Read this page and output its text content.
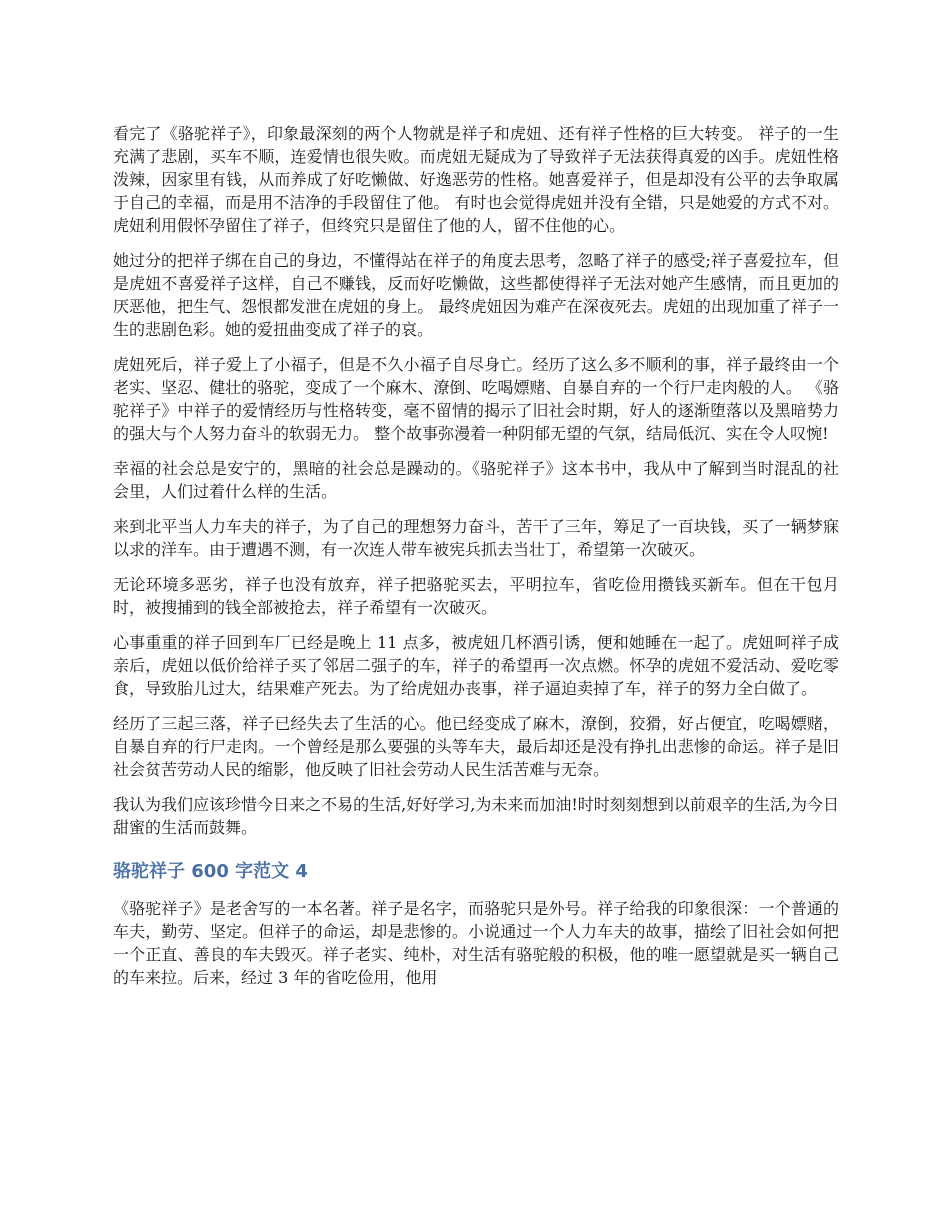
看完了《骆驼祥子》，印象最深刻的两个人物就是祥子和虎妞、还有祥子性格的巨大转变。 祥子的一生充满了悲剧，买车不顺，连爱情也很失败。而虎妞无疑成为了导致祥子无法获得真爱的凶手。虎妞性格泼辣，因家里有钱，从而养成了好吃懒做、好逸恶劳的性格。她喜爱祥子，但是却没有公平的去争取属于自己的幸福，而是用不洁净的手段留住了他。 有时也会觉得虎妞并没有全错，只是她爱的方式不对。虎妞利用假怀孕留住了祥子，但终究只是留住了他的人，留不住他的心。

她过分的把祥子绑在自己的身边，不懂得站在祥子的角度去思考，忽略了祥子的感受;祥子喜爱拉车，但是虎妞不喜爱祥子这样，自己不赚钱，反而好吃懒做，这些都使得祥子无法对她产生感情，而且更加的厌恶他，把生气、怨恨都发泄在虎妞的身上。 最终虎妞因为难产在深夜死去。虎妞的出现加重了祥子一生的悲剧色彩。她的爱扭曲变成了祥子的哀。

虎妞死后，祥子爱上了小福子，但是不久小福子自尽身亡。经历了这么多不顺利的事，祥子最终由一个老实、坚忍、健壮的骆驼，变成了一个麻木、潦倒、吃喝嫖赌、自暴自弃的一个行尸走肉般的人。 《骆驼祥子》中祥子的爱情经历与性格转变，毫不留情的揭示了旧社会时期，好人的逐渐堕落以及黑暗势力的强大与个人努力奋斗的软弱无力。 整个故事弥漫着一种阴郁无望的气氛，结局低沉、实在令人叹惋!

幸福的社会总是安宁的，黑暗的社会总是躁动的。《骆驼祥子》这本书中，我从中了解到当时混乱的社会里，人们过着什么样的生活。

来到北平当人力车夫的祥子，为了自己的理想努力奋斗，苦干了三年，筹足了一百块钱，买了一辆梦寐以求的洋车。由于遭遇不测，有一次连人带车被宪兵抓去当壮丁，希望第一次破灭。

无论环境多恶劣，祥子也没有放弃，祥子把骆驼买去，平明拉车，省吃俭用攒钱买新车。但在干包月时，被搜捕到的钱全部被抢去，祥子希望有一次破灭。

心事重重的祥子回到车厂已经是晚上 11 点多，被虎妞几杯酒引诱，便和她睡在一起了。虎妞呵祥子成亲后，虎妞以低价给祥子买了邻居二强子的车，祥子的希望再一次点燃。怀孕的虎妞不爱活动、爱吃零食，导致胎儿过大，结果难产死去。为了给虎妞办丧事，祥子逼迫卖掉了车，祥子的努力全白做了。

经历了三起三落，祥子已经失去了生活的心。他已经变成了麻木，潦倒，狡猾，好占便宜，吃喝嫖赌，自暴自弃的行尸走肉。一个曾经是那么要强的头等车夫，最后却还是没有挣扎出悲惨的命运。祥子是旧社会贫苦劳动人民的缩影，他反映了旧社会劳动人民生活苦难与无奈。

我认为我们应该珍惜今日来之不易的生活,好好学习,为未来而加油!时时刻刻想到以前艰辛的生活,为今日甜蜜的生活而鼓舞。

骆驼祥子 600 字范文 4

《骆驼祥子》是老舍写的一本名著。祥子是名字，而骆驼只是外号。祥子给我的印象很深：一个普通的车夫，勤劳、坚定。但祥子的命运，却是悲惨的。小说通过一个人力车夫的故事，描绘了旧社会如何把一个正直、善良的车夫毁灭。祥子老实、纯朴，对生活有骆驼般的积极，他的唯一愿望就是买一辆自己的车来拉。后来，经过 3 年的省吃俭用，他用
